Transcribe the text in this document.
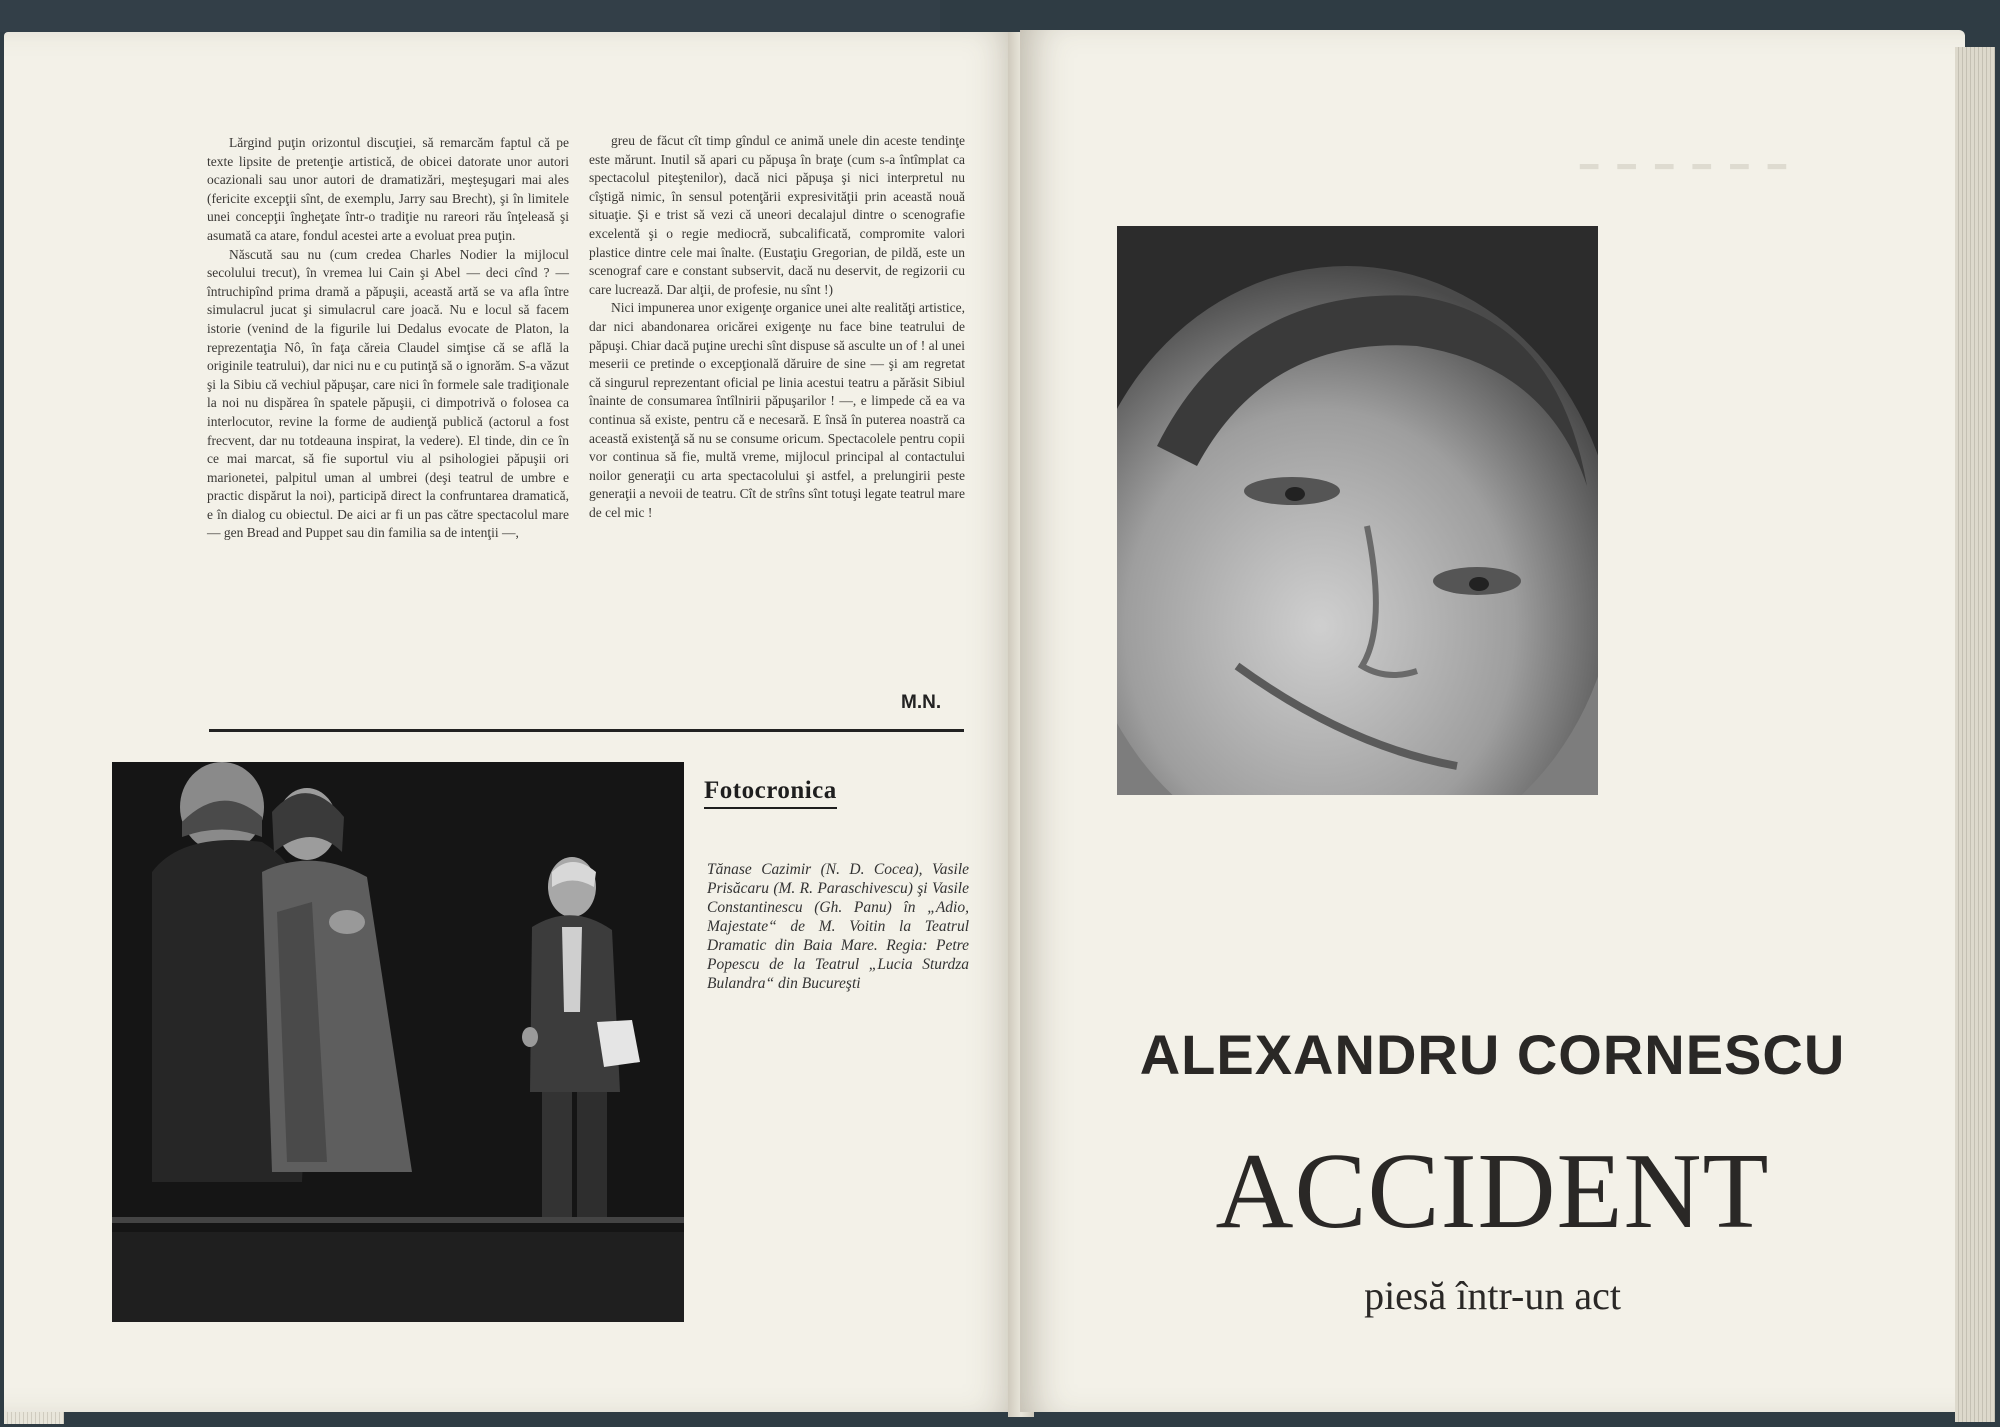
Lărgind puţin orizontul discuţiei, să remarcăm faptul că pe texte lipsite de pretenţie artistică, de obicei datorate unor autori ocazionali sau unor autori de dramatizări, meşteşugari mai ales (fericite excepţii sînt, de exemplu, Jarry sau Brecht), şi în limitele unei concepţii îngheţate într-o tradiţie nu rareori rău înţeleasă şi asumată ca atare, fondul acestei arte a evoluat prea puţin.

Născută sau nu (cum credea Charles Nodier la mijlocul secolului trecut), în vremea lui Cain şi Abel — deci cînd ? — întruchipînd prima dramă a păpuşii, această artă se va afla între simulacrul jucat şi simulacrul care joacă. Nu e locul să facem istorie (venind de la figurile lui Dedalus evocate de Platon, la reprezentaţia Nô, în faţa căreia Claudel simţise că se află la originile teatrului), dar nici nu e cu putinţă să o ignorăm. S-a văzut şi la Sibiu că vechiul păpuşar, care nici în formele sale tradiţionale la noi nu dispărea în spatele păpuşii, ci dimpotrivă o folosea ca interlocutor, revine la forme de audienţă publică (actorul a fost frecvent, dar nu totdeauna inspirat, la vedere). El tinde, din ce în ce mai marcat, să fie suportul viu al psihologiei păpuşii ori marionetei, palpitul uman al umbrei (deşi teatrul de umbre e practic dispărut la noi), participă direct la confruntarea dramatică, e în dialog cu obiectul. De aici ar fi un pas către spectacolul mare — gen Bread and Puppet sau din familia sa de intenţii —,

greu de făcut cît timp gîndul ce animă unele din aceste tendinţe este mărunt. Inutil să apari cu păpuşa în braţe (cum s-a întîmplat ca spectacolul piteştenilor), dacă nici păpuşa şi nici interpretul nu cîştigă nimic, în sensul potenţării expresivităţii prin această nouă situaţie. Şi e trist să vezi că uneori decalajul dintre o scenografie excelentă şi o regie mediocră, subcalificată, compromite valori plastice dintre cele mai înalte. (Eustaţiu Gregorian, de pildă, este un scenograf care e constant subservit, dacă nu deservit, de regizorii cu care lucrează. Dar alţii, de profesie, nu sînt !)

Nici impunerea unor exigenţe organice unei alte realităţi artistice, dar nici abandonarea oricărei exigenţe nu face bine teatrului de păpuşi. Chiar dacă puţine urechi sînt dispuse să asculte un of ! al unei meserii ce pretinde o excepţională dăruire de sine — şi am regretat că singurul reprezentant oficial pe linia acestui teatru a părăsit Sibiul înainte de consumarea întîlnirii păpuşarilor ! —, e limpede că ea va continua să existe, pentru că e necesară. E însă în puterea noastră ca această existenţă să nu se consume oricum. Spectacolele pentru copii vor continua să fie, multă vreme, mijlocul principal al contactului noilor generaţii cu arta spectacolului şi astfel, a prelungirii peste generaţii a nevoii de teatru. Cît de strîns sînt totuşi legate teatrul mare de cel mic !

M.N.
Fotocronica
Tănase Cazimir (N. D. Cocea), Vasile Prisăcaru (M. R. Paraschivescu) şi Vasile Constantinescu (Gh. Panu) în „Adio, Majestate“ de M. Voitin la Teatrul Dramatic din Baia Mare. Regia: Petre Popescu de la Teatrul „Lucia Sturdza Bulandra“ din Bucureşti
━ ━ ━ ━ ━ ━
ALEXANDRU CORNESCU
ACCIDENT
piesă într-un act
